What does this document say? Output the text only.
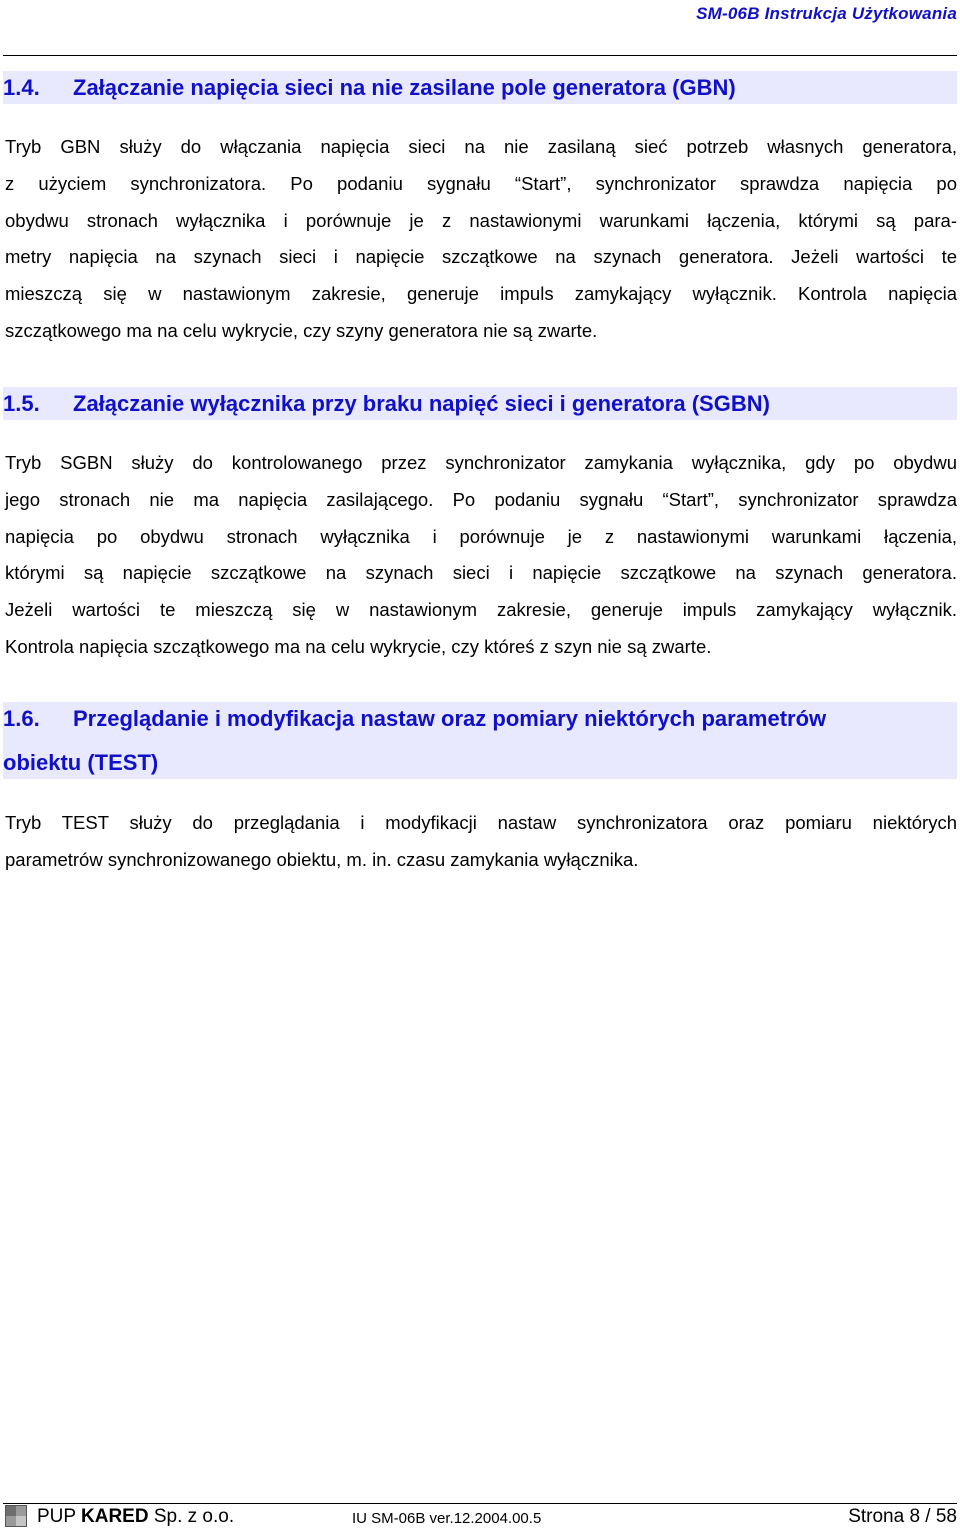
SM-06B Instrukcja Użytkowania
1.4. Załączanie napięcia sieci na nie zasilane pole generatora (GBN)
Tryb GBN służy do włączania napięcia sieci na nie zasilaną sieć potrzeb własnych generatora,
z użyciem synchronizatora. Po podaniu sygnału “Start”, synchronizator sprawdza napięcia po
obydwu stronach wyłącznika i porównuje je z nastawionymi warunkami łączenia, którymi są para-
metry napięcia na szynach sieci i napięcie szczątkowe na szynach generatora. Jeżeli wartości te
mieszczą się w nastawionym zakresie, generuje impuls zamykający wyłącznik. Kontrola napięcia
szczątkowego ma na celu wykrycie, czy szyny generatora nie są zwarte.
1.5. Załączanie wyłącznika przy braku napięć sieci i generatora (SGBN)
Tryb SGBN służy do kontrolowanego przez synchronizator zamykania wyłącznika, gdy po obydwu
jego stronach nie ma napięcia zasilającego. Po podaniu sygnału “Start”, synchronizator sprawdza
napięcia po obydwu stronach wyłącznika i porównuje je z nastawionymi warunkami łączenia,
którymi są napięcie szczątkowe na szynach sieci i napięcie szczątkowe na szynach generatora.
Jeżeli wartości te mieszczą się w nastawionym zakresie, generuje impuls zamykający wyłącznik.
Kontrola napięcia szczątkowego ma na celu wykrycie, czy któreś z szyn nie są zwarte.
1.6. Przeglądanie i modyfikacja nastaw oraz pomiary niektórych parametrów
obiektu (TEST)
Tryb TEST służy do przeglądania i modyfikacji nastaw synchronizatora oraz pomiaru niektórych
parametrów synchronizowanego obiektu, m. in. czasu zamykania wyłącznika.
PUP KARED Sp. z o.o.	IU SM-06B ver.12.2004.00.5	Strona 8 / 58
